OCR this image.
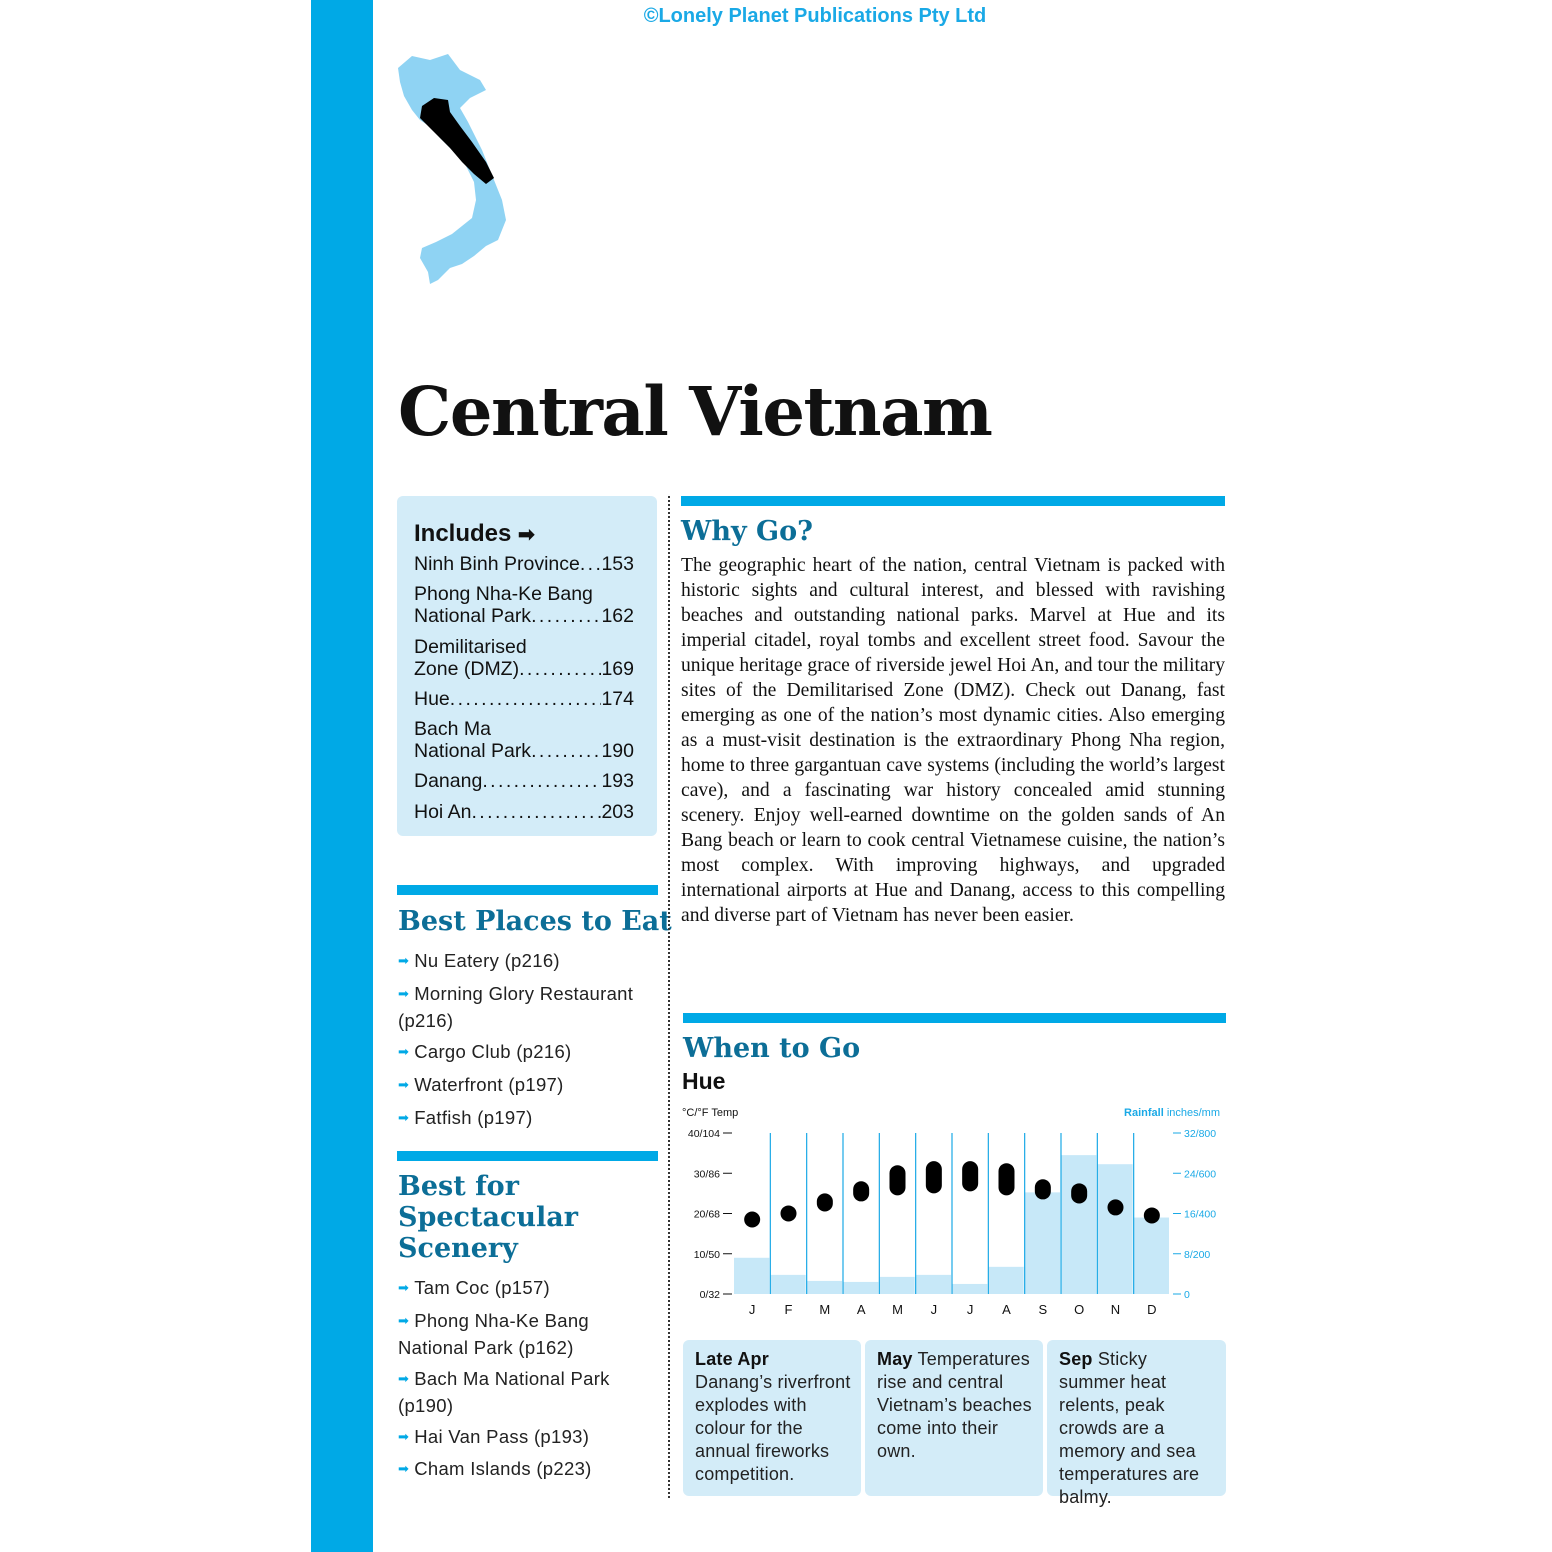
©Lonely Planet Publications Pty Ltd
Central Vietnam
Includes ➡
Ninh Binh Province . . . 153
Phong Nha-Ke Bang
National Park . . .	162
Demilitarised
Zone (DMZ) . . .	169
Hue . . .	174
Bach Ma
National Park . . .	190
Danang . . .	193
Hoi An . . .	203
Best Places to Eat
➡ Nu Eatery (p216)
➡ Morning Glory Restaurant (p216)
➡ Cargo Club (p216)
➡ Waterfront (p197)
➡ Fatfish (p197)
Best for
Spectacular
Scenery
➡ Tam Coc (p157)
➡ Phong Nha-Ke Bang National Park (p162)
➡ Bach Ma National Park (p190)
➡ Hai Van Pass (p193)
➡ Cham Islands (p223)
Why Go?
The geographic heart of the nation, central Vietnam is packed with historic sights and cultural interest, and blessed with ravishing beaches and outstanding national parks. Marvel at Hue and its imperial citadel, royal tombs and excellent street food. Savour the unique heritage grace of riverside jewel Hoi An, and tour the military sites of the Demilitarised Zone (DMZ). Check out Danang, fast emerging as one of the nation’s most dynamic cities. Also emerging as a must-visit destination is the extraordinary Phong Nha region, home to three gargantuan cave systems (including the world’s largest cave), and a fascinating war history concealed amid stunning scenery. Enjoy well-earned downtime on the golden sands of An Bang beach or learn to cook central Vietnamese cuisine, the nation’s most complex. With improving highways, and upgraded international airports at Hue and Danang, access to this compelling and diverse part of Vietnam has never been easier.
When to Go
Hue
°C/°F Temp	Rainfall inches/mm
0/32
10/50
20/68
30/86
40/104
0
8/200
16/400
24/600
32/800
J F M A M J J A S O N D
Late Apr
Danang’s riverfront explodes with colour for the annual fireworks competition.
May Temperatures rise and central Vietnam’s beaches come into their own.
Sep Sticky summer heat relents, peak crowds are a memory and sea temperatures are balmy.
